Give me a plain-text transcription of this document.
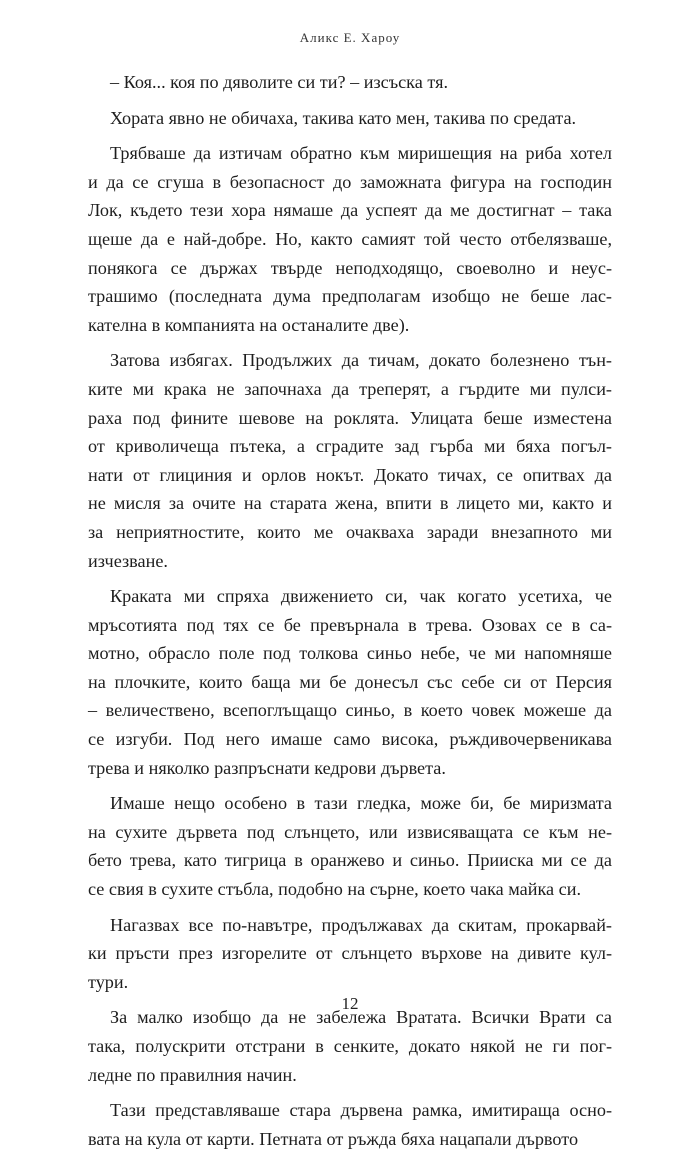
Аликс Е. Хароу
– Коя... коя по дяволите си ти? – изсъска тя.
Хората явно не обичаха, такива като мен, такива по средата.
Трябваше да изтичам обратно към миришещия на риба хотел
и да се сгуша в безопасност до заможната фигура на господин
Лок, където тези хора нямаше да успеят да ме достигнат – така
щеше да е най-добре. Но, както самият той често отбелязваше,
понякога се държах твърде неподходящо, своеволно и неус-
трашимо (последната дума предполагам изобщо не беше лас-
кателна в компанията на останалите две).
Затова избягах. Продължих да тичам, докато болезнено тън-
ките ми крака не започнаха да треперят, а гърдите ми пулси-
раха под фините шевове на роклята. Улицата беше изместена
от криволичеща пътека, а сградите зад гърба ми бяха погъл-
нати от глициния и орлов нокът. Докато тичах, се опитвах да
не мисля за очите на старата жена, впити в лицето ми, както и
за неприятностите, които ме очакваха заради внезапното ми
изчезване.
Краката ми спряха движението си, чак когато усетиха, че
мръсотията под тях се бе превърнала в трева. Озовах се в са-
мотно, обрасло поле под толкова синьо небе, че ми напомняше
на плочките, които баща ми бе донесъл със себе си от Персия
– величествено, всепоглъщащо синьо, в което човек можеше да
се изгуби. Под него имаше само висока, ръждивочервеникава
трева и няколко разпръснати кедрови дървета.
Имаше нещо особено в тази гледка, може би, бе миризмата
на сухите дървета под слънцето, или извисяващата се към не-
бето трева, като тигрица в оранжево и синьо. Прииска ми се да
се свия в сухите стъбла, подобно на сърне, което чака майка си.
Нагазвах все по-навътре, продължавах да скитам, прокарвай-
ки пръсти през изгорелите от слънцето върхове на дивите кул-
тури.
За малко изобщо да не забележа Вратата. Всички Врати са
така, полускрити отстрани в сенките, докато някой не ги пог-
ледне по правилния начин.
Тази представляваше стара дървена рамка, имитираща осно-
вата на кула от карти. Петната от ръжда бяха нацапали дървото
12
